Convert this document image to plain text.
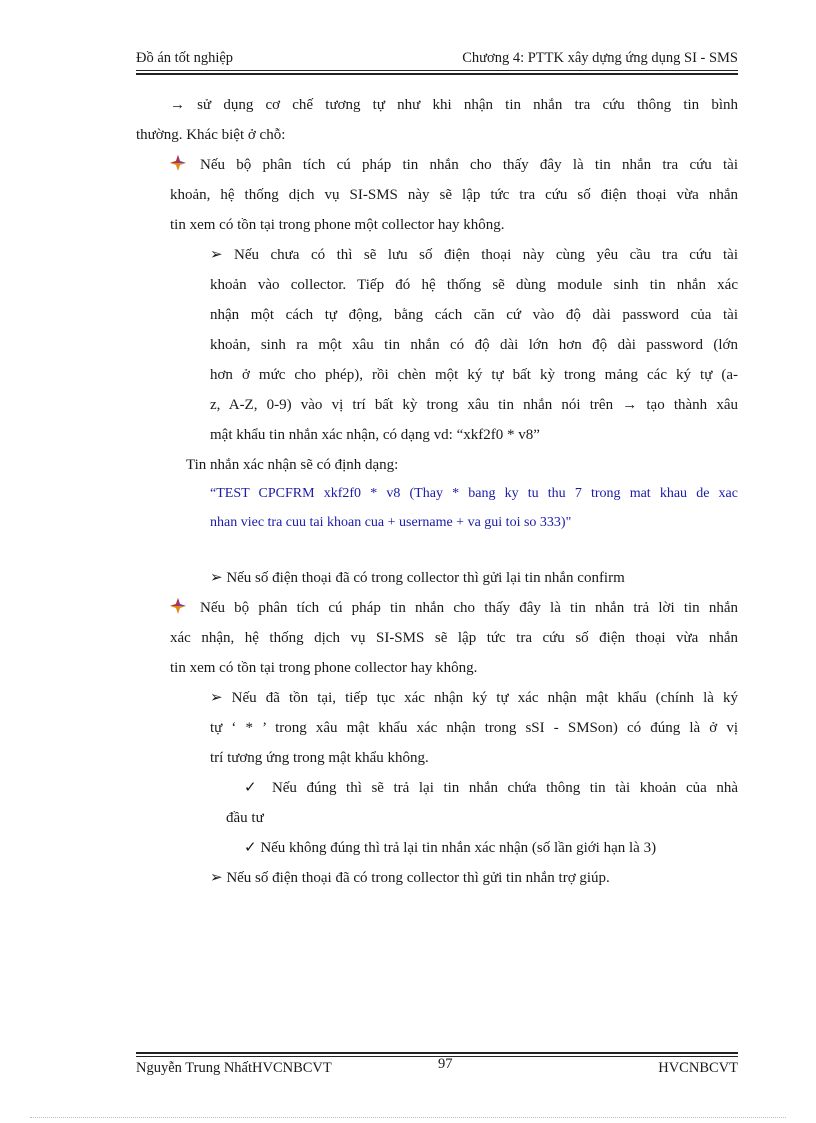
Đồ án tốt nghiệp	Chương 4: PTTK xây dựng ứng dụng SI - SMS
→ sử dụng cơ chế tương tự như khi nhận tin nhắn tra cứu thông tin bình
thường. Khác biệt ở chỗ:
Nếu bộ phân tích cú pháp tin nhắn cho thấy đây là tin nhắn tra cứu tài
khoản, hệ thống dịch vụ SI-SMS này sẽ lập tức tra cứu số điện thoại vừa nhắn
tin xem có tồn tại trong phone một collector hay không.
➢ Nếu chưa có thì sẽ lưu số điện thoại này cùng yêu cầu tra cứu tài
khoản vào collector. Tiếp đó hệ thống sẽ dùng module sinh tin nhắn xác
nhận một cách tự động, bằng cách căn cứ vào độ dài password của tài
khoản, sinh ra một xâu tin nhắn có độ dài lớn hơn độ dài password (lớn
hơn ở mức cho phép), rồi chèn một ký tự bất kỳ trong mảng các ký tự (a-
z, A-Z, 0-9) vào vị trí bất kỳ trong xâu tin nhắn nói trên → tạo thành xâu
mật khẩu tin nhắn xác nhận, có dạng vd: “xkf2f0 * v8”
Tin nhắn xác nhận sẽ có định dạng:
“TEST CPCFRM xkf2f0 * v8 (Thay * bang ky tu thu 7 trong mat khau de xac
nhan viec tra cuu tai khoan cua + username + va gui toi so 333)"
➢ Nếu số điện thoại đã có trong collector thì gửi lại tin nhắn confirm
Nếu bộ phân tích cú pháp tin nhắn cho thấy đây là tin nhắn trả lời tin nhắn
xác nhận, hệ thống dịch vụ SI-SMS sẽ lập tức tra cứu số điện thoại vừa nhắn
tin xem có tồn tại trong phone collector hay không.
➢ Nếu đã tồn tại, tiếp tục xác nhận ký tự xác nhận mật khẩu (chính là ký
tự ‘ * ’ trong xâu mật khẩu xác nhận trong sSI - SMSon) có đúng là ở vị
trí tương ứng trong mật khẩu không.
✓ Nếu đúng thì sẽ trả lại tin nhắn chứa thông tin tài khoản của nhà
đầu tư
✓ Nếu không đúng thì trả lại tin nhắn xác nhận (số lần giới hạn là 3)
➢ Nếu số điện thoại đã có trong collector thì gửi tin nhắn trợ giúp.
Nguyễn Trung NhấtHVCNBCVT	97	HVCNBCVT
